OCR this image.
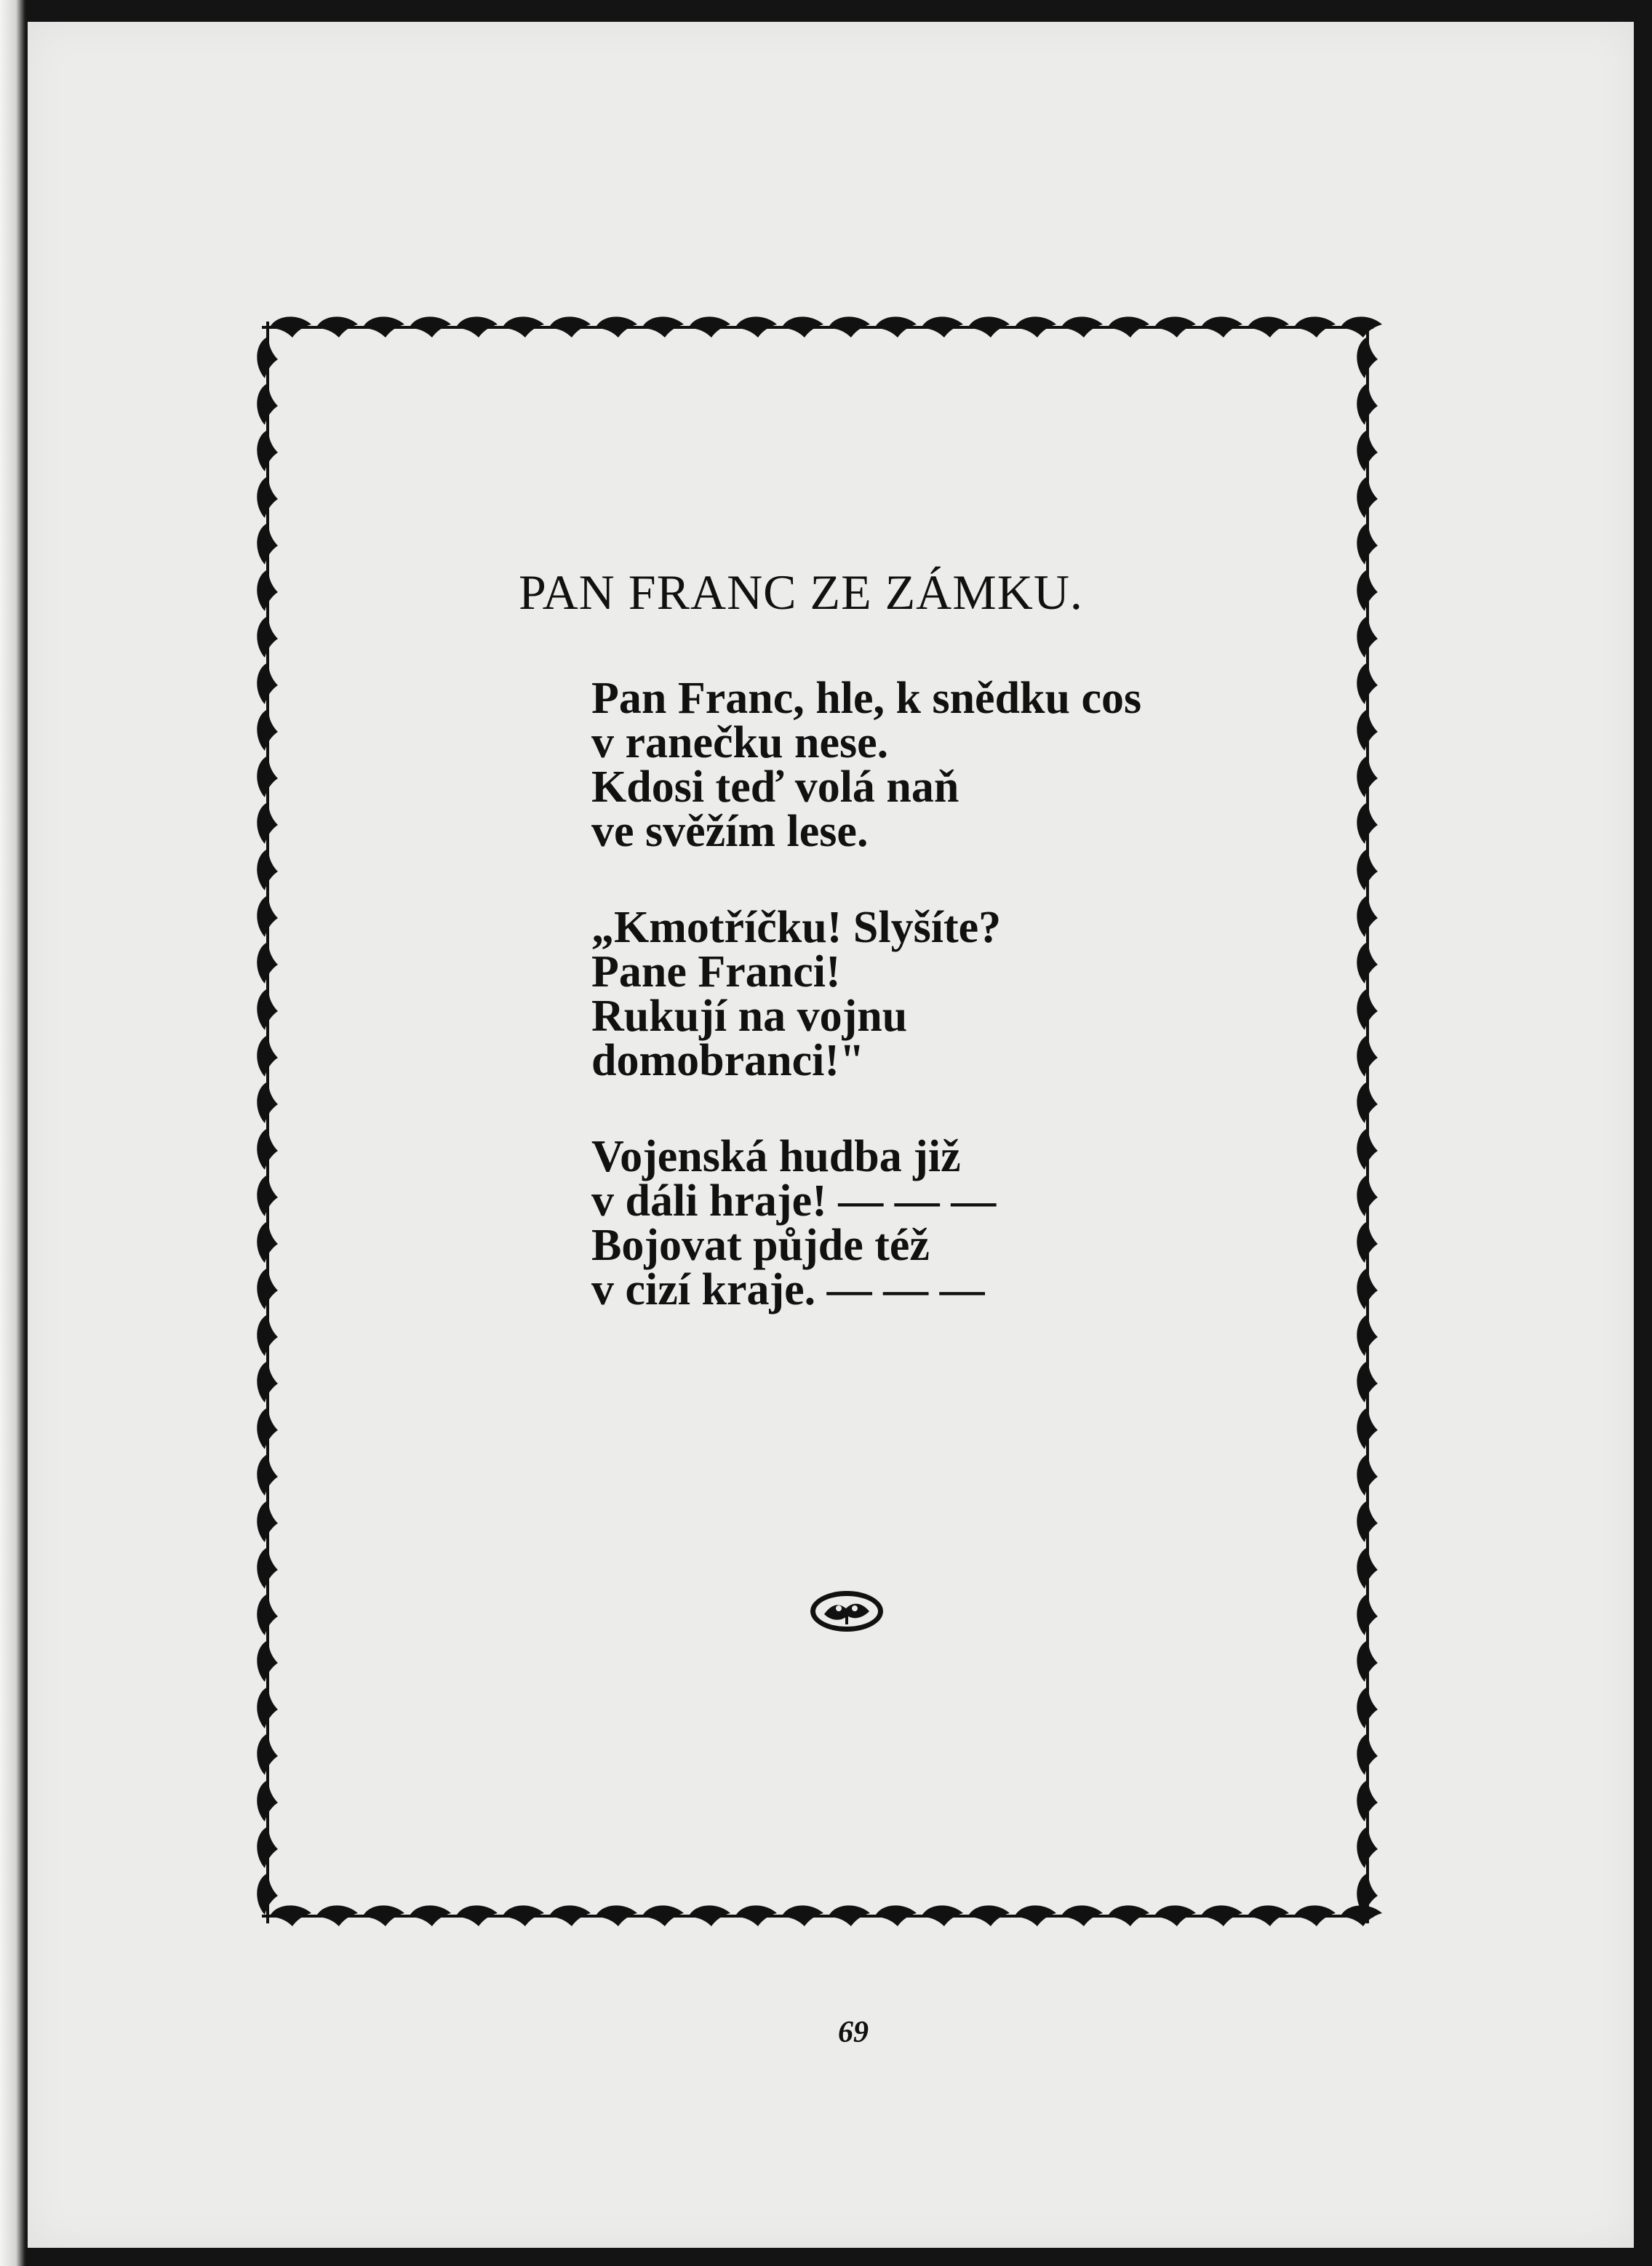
PAN FRANC ZE ZÁMKU.
Pan Franc, hle, k snědku cos
v ranečku nese.
Kdosi teď volá naň
ve svěžím lese.
„Kmotříčku! Slyšíte?
Pane Franci!
Rukují na vojnu
domobranci!"
Vojenská hudba již
v dáli hraje! — — —
Bojovat půjde též
v cizí kraje. — — —
69
